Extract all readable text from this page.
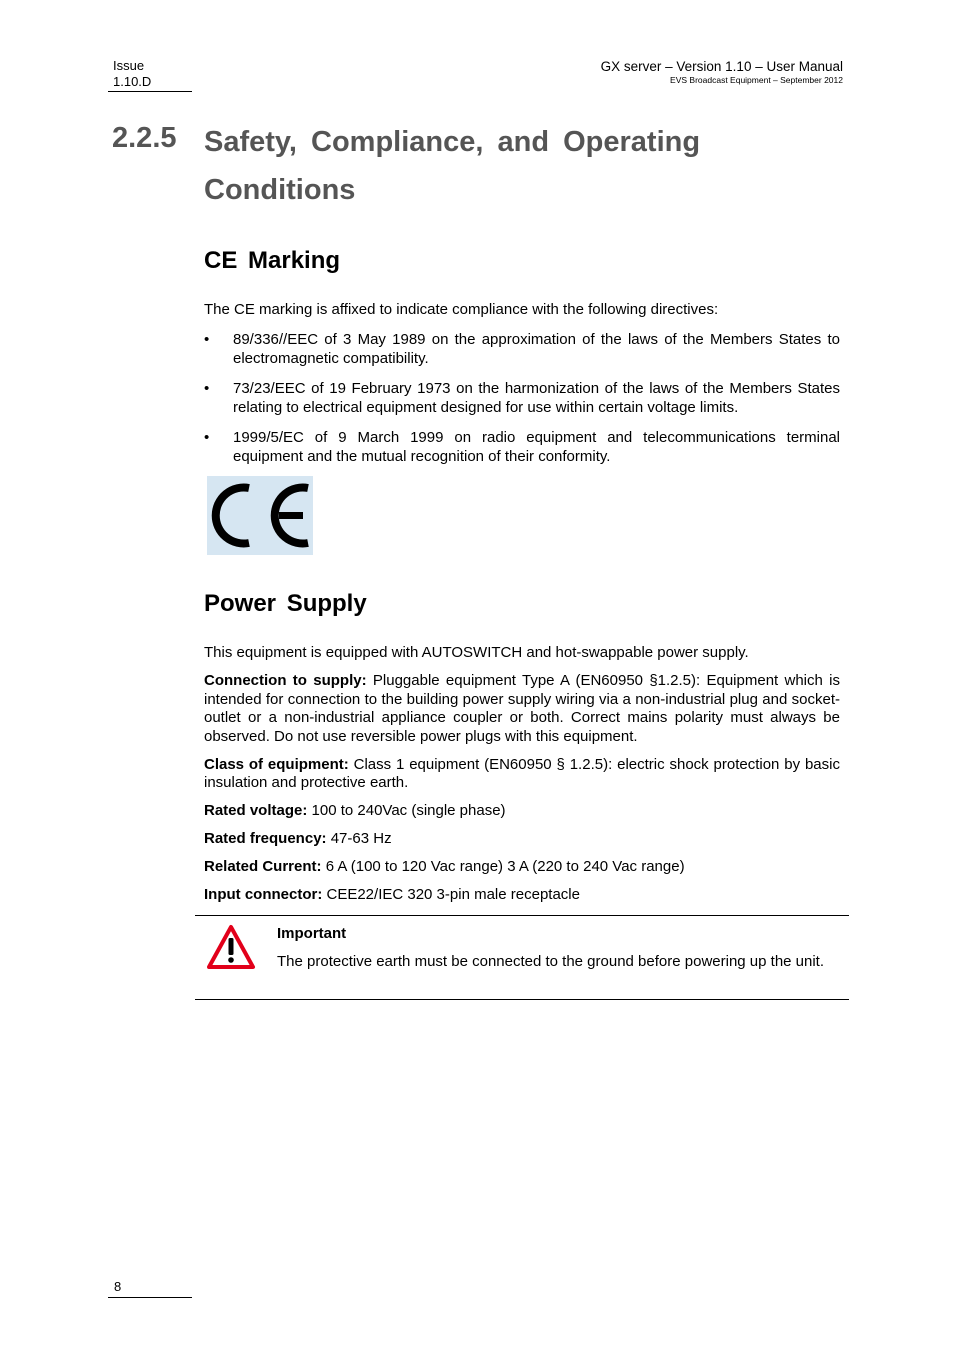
Issue
1.10.D
GX server – Version 1.10 – User Manual
EVS Broadcast Equipment – September 2012
2.2.5 Safety, Compliance, and Operating Conditions
CE Marking

The CE marking is affixed to indicate compliance with the following directives:

• 89/336//EEC of 3 May 1989 on the approximation of the laws of the Members States to electromagnetic compatibility.
• 73/23/EEC of 19 February 1973 on the harmonization of the laws of the Members States relating to electrical equipment designed for use within certain voltage limits.
• 1999/5/EC of 9 March 1999 on radio equipment and telecommunications terminal equipment and the mutual recognition of their conformity.
Power Supply

This equipment is equipped with AUTOSWITCH and hot-swappable power supply.

Connection to supply: Pluggable equipment Type A (EN60950 §1.2.5): Equipment which is intended for connection to the building power supply wiring via a non-industrial plug and socket-outlet or a non-industrial appliance coupler or both. Correct mains polarity must always be observed. Do not use reversible power plugs with this equipment.

Class of equipment: Class 1 equipment (EN60950 § 1.2.5): electric shock protection by basic insulation and protective earth.

Rated voltage: 100 to 240Vac (single phase)

Rated frequency: 47-63 Hz

Related Current: 6 A (100 to 120 Vac range) 3 A (220 to 240 Vac range)

Input connector: CEE22/IEC 320 3-pin male receptacle

Important
The protective earth must be connected to the ground before powering up the unit.
8
